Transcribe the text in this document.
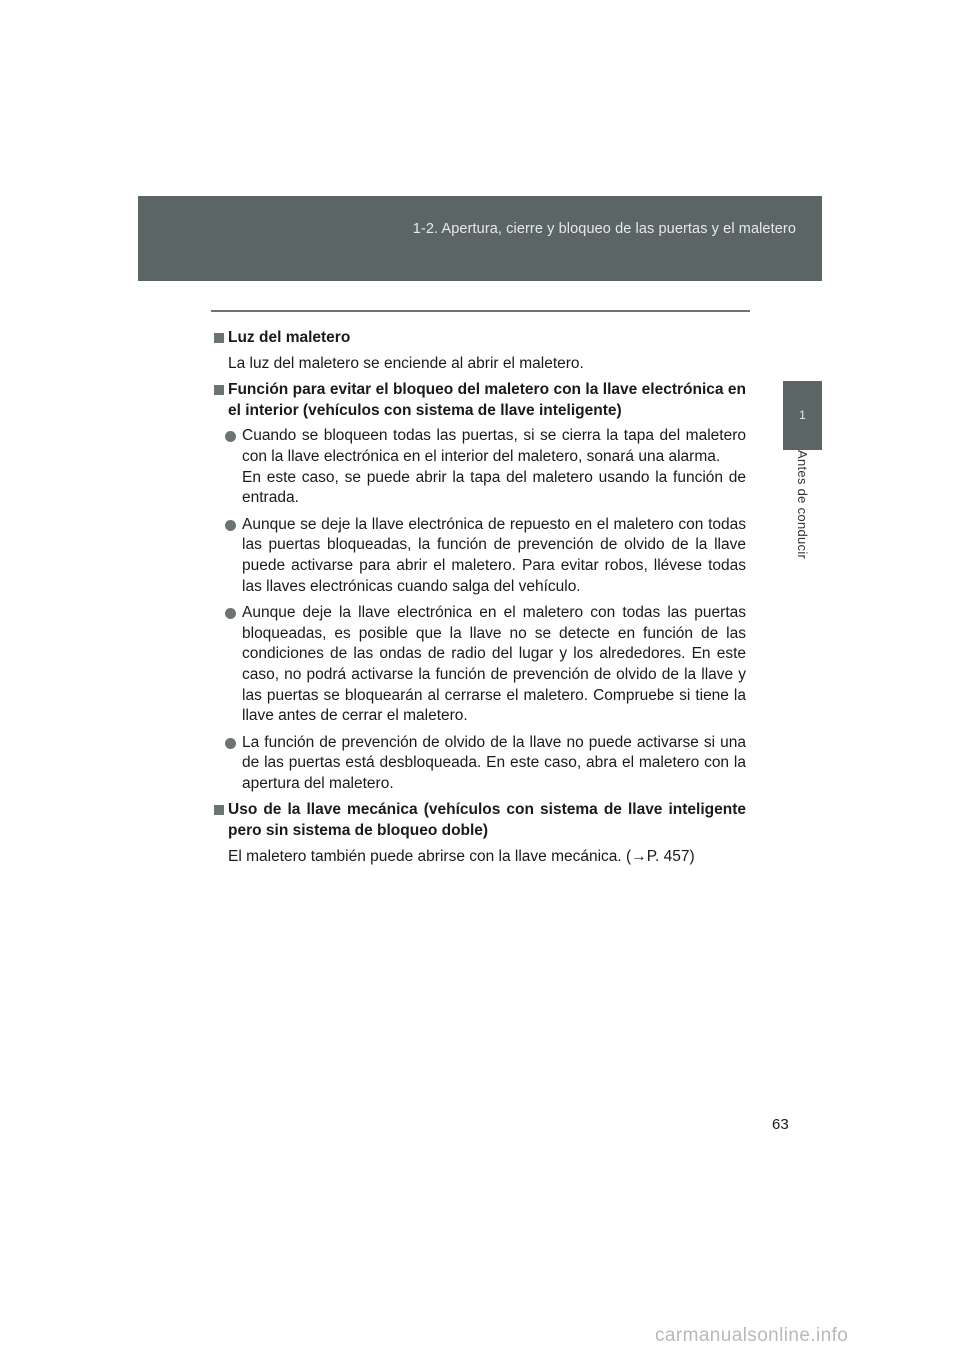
1-2. Apertura, cierre y bloqueo de las puertas y el maletero
1
Antes de conducir
Luz del maletero
La luz del maletero se enciende al abrir el maletero.
Función para evitar el bloqueo del maletero con la llave electrónica en el interior (vehículos con sistema de llave inteligente)

Cuando se bloqueen todas las puertas, si se cierra la tapa del maletero con la llave electrónica en el interior del maletero, sonará una alarma.

En este caso, se puede abrir la tapa del maletero usando la función de entrada.

Aunque se deje la llave electrónica de repuesto en el maletero con todas las puertas bloqueadas, la función de prevención de olvido de la llave puede activarse para abrir el maletero. Para evitar robos, llévese todas las llaves electrónicas cuando salga del vehículo.

Aunque deje la llave electrónica en el maletero con todas las puertas bloqueadas, es posible que la llave no se detecte en función de las condiciones de las ondas de radio del lugar y los alrededores. En este caso, no podrá activarse la función de prevención de olvido de la llave y las puertas se bloquearán al cerrarse el maletero. Compruebe si tiene la llave antes de cerrar el maletero.

La función de prevención de olvido de la llave no puede activarse si una de las puertas está desbloqueada. En este caso, abra el maletero con la apertura del maletero.

Uso de la llave mecánica (vehículos con sistema de llave inteligente pero sin sistema de bloqueo doble)
El maletero también puede abrirse con la llave mecánica. (→P. 457)
63
carmanualsonline.info
